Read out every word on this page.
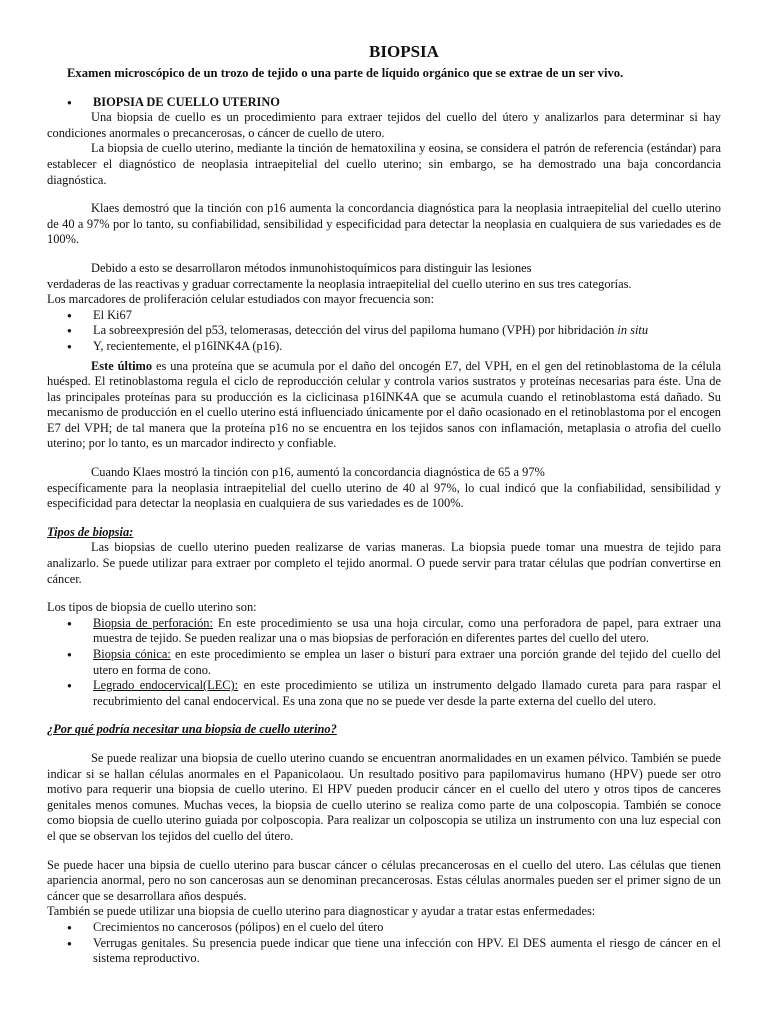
BIOPSIA
Examen microscópico de un trozo de tejido o una parte de líquido orgánico que se extrae de un ser vivo.
● BIOPSIA DE CUELLO UTERINO

Una biopsia de cuello es un procedimiento para extraer tejidos del cuello del útero y analizarlos para determinar si hay condiciones anormales o precancerosas, o cáncer de cuello de utero.

La biopsia de cuello uterino, mediante la tinción de hematoxilina y eosina, se considera el patrón de referencia (estándar) para establecer el diagnóstico de neoplasia intraepitelial del cuello uterino; sin embargo, se ha demostrado una baja concordancia diagnóstica.

Klaes demostró que la tinción con p16 aumenta la concordancia diagnóstica para la neoplasia intraepitelial del cuello uterino de 40 a 97% por lo tanto, su confiabilidad, sensibilidad y especificidad para detectar la neoplasia en cualquiera de sus variedades es de 100%.

Debido a esto se desarrollaron métodos inmunohistoquímicos para distinguir las lesiones

verdaderas de las reactivas y graduar correctamente la neoplasia intraepitelial del cuello uterino en sus tres categorías.

Los marcadores de proliferación celular estudiados con mayor frecuencia son:

● El Ki67
● La sobreexpresión del p53, telomerasas, detección del virus del papiloma humano (VPH) por hibridación in situ
● Y, recientemente, el p16INK4A (p16).

Este último es una proteína que se acumula por el daño del oncogén E7, del VPH, en el gen del retinoblastoma de la célula huésped. El retinoblastoma regula el ciclo de reproducción celular y controla varios sustratos y proteínas necesarias para éste. Una de las principales proteínas para su producción es la ciclicinasa p16INK4A que se acumula cuando el retinoblastoma está dañado. Su mecanismo de producción en el cuello uterino está influenciado únicamente por el daño ocasionado en el retinoblastoma por el encogen E7 del VPH; de tal manera que la proteína p16 no se encuentra en los tejidos sanos con inflamación, metaplasia o atrofia del cuello uterino; por lo tanto, es un marcador indirecto y confiable.

Cuando Klaes mostró la tinción con p16, aumentó la concordancia diagnóstica de 65 a 97%

específicamente para la neoplasia intraepitelial del cuello uterino de 40 al 97%, lo cual indicó que la confiabilidad, sensibilidad y especificidad para detectar la neoplasia en cualquiera de sus variedades es de 100%.

Tipos de biopsia:

Las biopsias de cuello uterino pueden realizarse de varias maneras. La biopsia puede tomar una muestra de tejido para analizarlo. Se puede utilizar para extraer por completo el tejido anormal. O puede servir para tratar células que podrían convertirse en cáncer.

Los tipos de biopsia de cuello uterino son:

● Biopsia de perforación: En este procedimiento se usa una hoja circular, como una perforadora de papel, para extraer una muestra de tejido. Se pueden realizar una o mas biopsias de perforación en diferentes partes del cuello del utero.
● Biopsia cónica: en este procedimiento se emplea un laser o bisturí para extraer una porción grande del tejido del cuello del utero en forma de cono.
● Legrado endocervical(LEC): en este procedimiento se utiliza un instrumento delgado llamado cureta para para raspar el recubrimiento del canal endocervical. Es una zona que no se puede ver desde la parte externa del cuello del utero.

¿Por qué podría necesitar una biopsia de cuello uterino?

Se puede realizar una biopsia de cuello uterino cuando se encuentran anormalidades en un examen pélvico. También se puede indicar si se hallan células anormales en el Papanicolaou. Un resultado positivo para papilomavirus humano (HPV) puede ser otro motivo para requerir una biopsia de cuello uterino. El HPV pueden producir cáncer en el cuello del utero y otros tipos de canceres genitales menos comunes. Muchas veces, la biopsia de cuello uterino se realiza como parte de una colposcopia. También se conoce como biopsia de cuello uterino guiada por colposcopia. Para realizar un colposcopia se utiliza un instrumento con una luz especial con el que se observan los tejidos del cuello del útero.

Se puede hacer una bipsia de cuello uterino para buscar cáncer o células precancerosas en el cuello del utero. Las células que tienen apariencia anormal, pero no son cancerosas aun se denominan precancerosas. Estas células anormales pueden ser el primer signo de un cáncer que se desarrollara años después.

También se puede utilizar una biopsia de cuello uterino para diagnosticar y ayudar a tratar estas enfermedades:

● Crecimientos no cancerosos (pólipos) en el cuelo del útero
● Verrugas genitales. Su presencia puede indicar que tiene una infección con HPV. El DES aumenta el riesgo de cáncer en el sistema reproductivo.
